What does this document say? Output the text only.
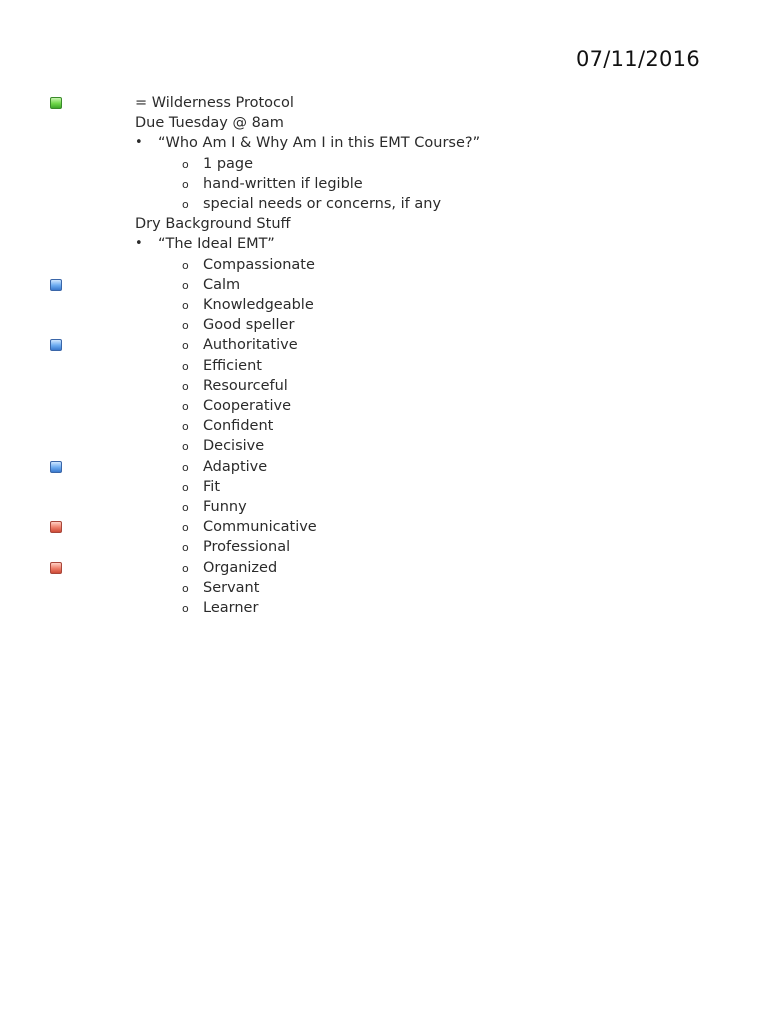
07/11/2016
= Wilderness Protocol
Due Tuesday @ 8am
• “Who Am I & Why Am I in this EMT Course?”
o 1 page
o hand-written if legible
o special needs or concerns, if any
Dry Background Stuff
• “The Ideal EMT”
o Compassionate
o Calm
o Knowledgeable
o Good speller
o Authoritative
o Efficient
o Resourceful
o Cooperative
o Confident
o Decisive
o Adaptive
o Fit
o Funny
o Communicative
o Professional
o Organized
o Servant
o Learner
